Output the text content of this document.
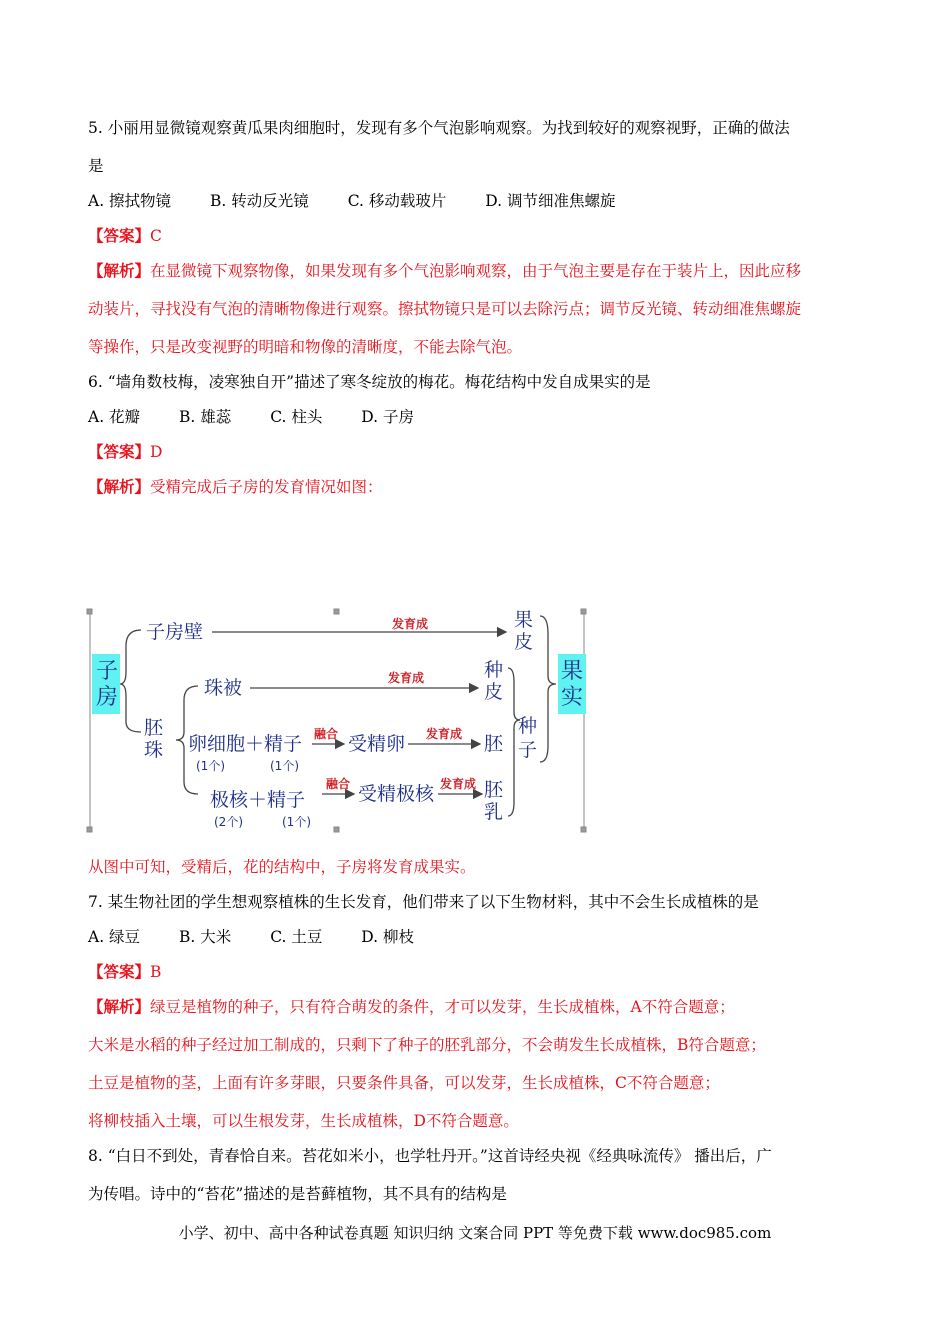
5. 小丽用显微镜观察黄瓜果肉细胞时，发现有多个气泡影响观察。为找到较好的观察视野，正确的做法
是
A. 擦拭物镜	B. 转动反光镜	C. 移动载玻片	D. 调节细准焦螺旋
【答案】C
【解析】在显微镜下观察物像，如果发现有多个气泡影响观察，由于气泡主要是存在于装片上，因此应移
动装片，寻找没有气泡的清晰物像进行观察。擦拭物镜只是可以去除污点；调节反光镜、转动细准焦螺旋
等操作，只是改变视野的明暗和物像的清晰度，不能去除气泡。
6. “墙角数枝梅，凌寒独自开”描述了寒冬绽放的梅花。梅花结构中发自成果实的是
A. 花瓣	B. 雄蕊	C. 柱头	D. 子房
【答案】D
【解析】受精完成后子房的发育情况如图：
子
房
果
实
子房壁	发育成	果
皮
胚
珠
珠被	发育成	种
皮
卵细胞＋精子
(1个)	(1个)
融合 受精卵 发育成 胚
极核＋精子
(2个)	(1个)
融合 受精极核 发育成 胚
乳
种
子
从图中可知，受精后，花的结构中，子房将发育成果实。
7. 某生物社团的学生想观察植株的生长发育，他们带来了以下生物材料，其中不会生长成植株的是
A. 绿豆	B. 大米	C. 土豆	D. 柳枝
【答案】B
【解析】绿豆是植物的种子，只有符合萌发的条件，才可以发芽，生长成植株，A不符合题意；
大米是水稻的种子经过加工制成的，只剩下了种子的胚乳部分，不会萌发生长成植株，B符合题意；
土豆是植物的茎，上面有许多芽眼，只要条件具备，可以发芽，生长成植株，C不符合题意；
将柳枝插入土壤，可以生根发芽，生长成植株，D不符合题意。
8. “白日不到处，青春恰自来。苔花如米小，也学牡丹开。”这首诗经央视《经典咏流传》 播出后，广
为传唱。诗中的“苔花”描述的是苔藓植物，其不具有的结构是
小学、初中、高中各种试卷真题 知识归纳 文案合同 PPT 等免费下载 www.doc985.com
